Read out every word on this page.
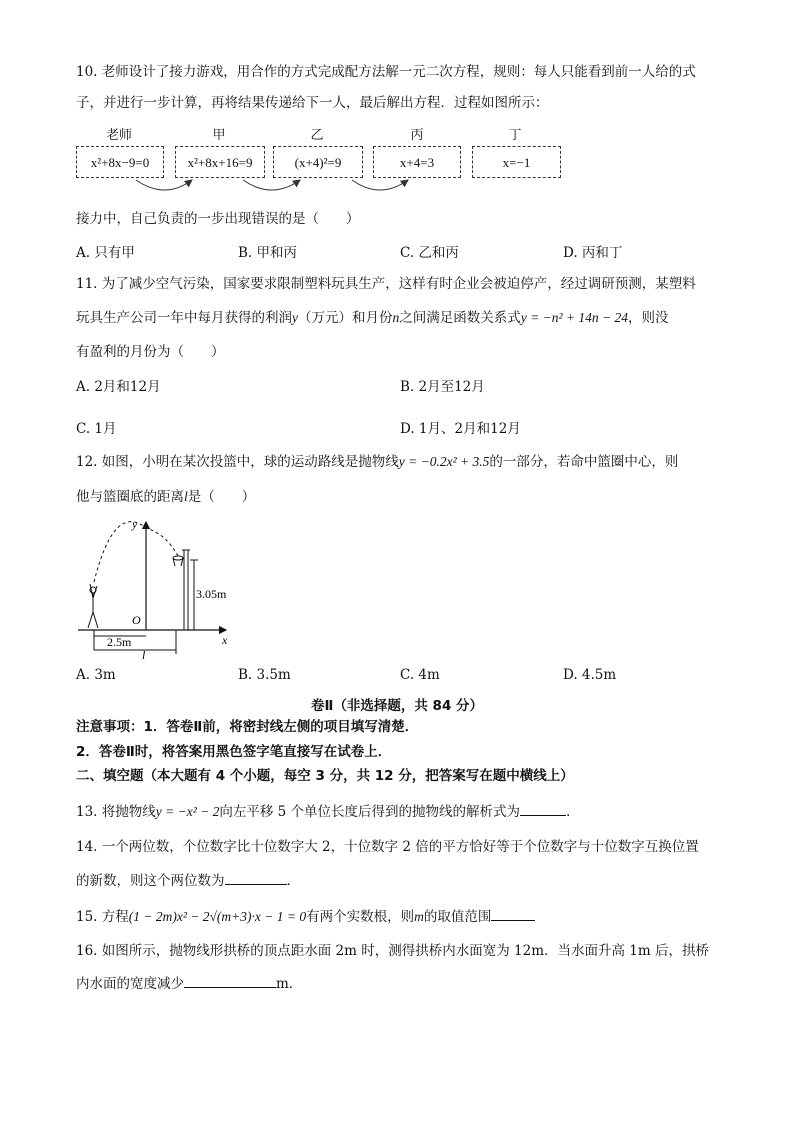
10. 老师设计了接力游戏，用合作的方式完成配方法解一元二次方程，规则：每人只能看到前一人给的式
子，并进行一步计算，再将结果传递给下一人，最后解出方程．过程如图所示：
老师	甲	乙	丙	丁
x²+8x−9=0	x²+8x+16=9	(x+4)²=9	x+4=3	x=−1
接力中，自己负责的一步出现错误的是（　　）
A. 只有甲	B. 甲和丙	C. 乙和丙	D. 丙和丁
11. 为了减少空气污染，国家要求限制塑料玩具生产，这样有时企业会被迫停产，经过调研预测，某塑料
玩具生产公司一年中每月获得的利润y（万元）和月份n之间满足函数关系式y = −n² + 14n − 24，则没
有盈利的月份为（　　）
A. 2月和12月	B. 2月至12月
C. 1月	D. 1月、2月和12月
12. 如图，小明在某次投篮中，球的运动路线是抛物线y = −0.2x² + 3.5的一部分，若命中篮圈中心，则
他与篮圈底的距离l是（　　）
y
x
O
3.05m
2.5m
l
A. 3m	B. 3.5m	C. 4m	D. 4.5m
卷Ⅱ（非选择题，共 84 分）
注意事项：1．答卷Ⅱ前，将密封线左侧的项目填写清楚．
2．答卷Ⅱ时，将答案用黑色签字笔直接写在试卷上．
二、填空题（本大题有 4 个小题，每空 3 分，共 12 分，把答案写在题中横线上）
13. 将抛物线y = −x² − 2向左平移 5 个单位长度后得到的抛物线的解析式为	．
14. 一个两位数，个位数字比十位数字大 2，十位数字 2 倍的平方恰好等于个位数字与十位数字互换位置
的新数，则这个两位数为	．
15. 方程(1 − 2m)x² − 2√(m+3)·x − 1 = 0有两个实数根，则m的取值范围
16. 如图所示，抛物线形拱桥的顶点距水面 2m 时，测得拱桥内水面宽为 12m．当水面升高 1m 后，拱桥
内水面的宽度减少	m．
